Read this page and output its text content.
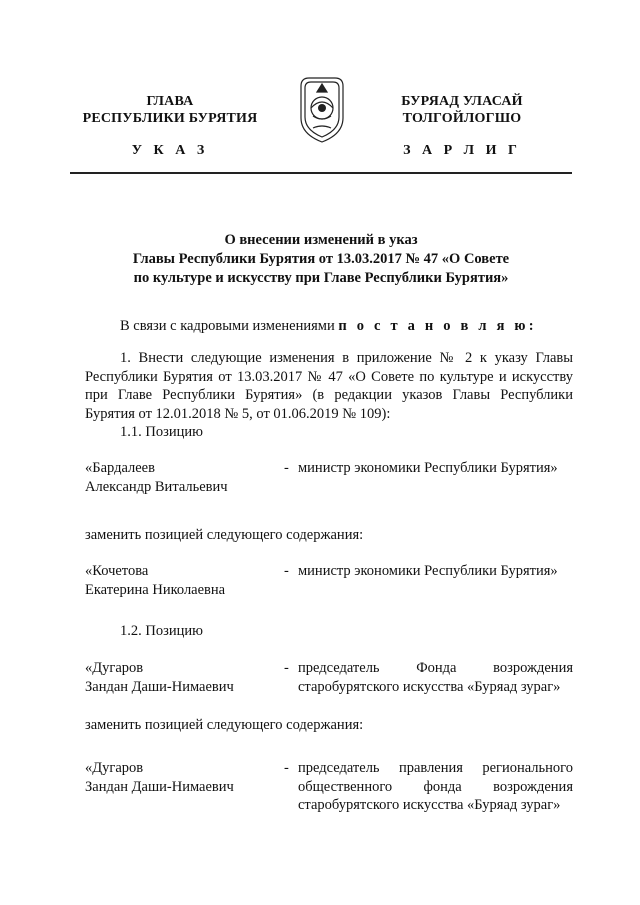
ГЛАВА
РЕСПУБЛИКИ БУРЯТИЯ
У К А З
БУРЯАД УЛАСАЙ
ТОЛГОЙЛОГШО
З А Р Л И Г
О внесении изменений в указ
Главы Республики Бурятия от 13.03.2017 № 47 «О Совете
по культуре и искусству при Главе Республики Бурятия»
В связи с кадровыми изменениями п о с т а н о в л я ю:
1. Внести следующие изменения в приложение № 2 к указу Главы Республики Бурятия от 13.03.2017 № 47 «О Совете по культуре и искусству при Главе Республики Бурятия» (в редакции указов Главы Республики Бурятия от 12.01.2018 № 5, от 01.06.2019 № 109):
1.1. Позицию
«Бардалеев
Александр Витальевич
- министр экономики Республики Бурятия»
заменить позицией следующего содержания:
«Кочетова
Екатерина Николаевна
- министр экономики Республики Бурятия»
1.2. Позицию
«Дугаров
Зандан Даши-Нимаевич
- председатель Фонда возрождения старобурятского искусства «Буряад зураг»
заменить позицией следующего содержания:
«Дугаров
Зандан Даши-Нимаевич
- председатель правления регионального общественного фонда возрождения старобурятского искусства «Буряад зураг»
